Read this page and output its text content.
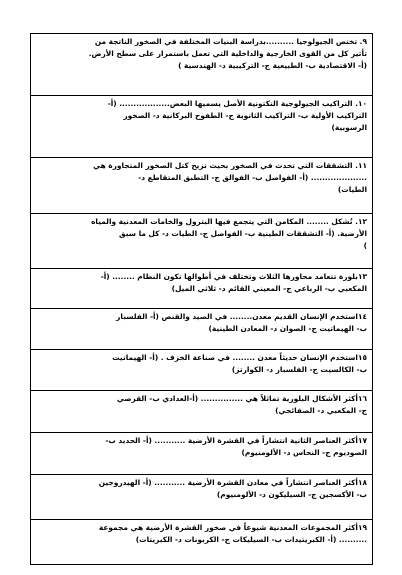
٩. تختص الجيولوجيا ..........بدراسة البنيات المختلفة في الصخور الناتجة من
تأثير كل من القوى الخارجية والداخلية التي تعمل باستمرار على سطح الأرض.
(أ- الاقتصادية ب- الطبيعية ج- التركيبية د- الهندسية )
١٠. التراكيب الجيولوجية التكتونية الأصل يسميها البعض.................. (أ-
التراكيب الأولية ب- التراكيب الثانوية ج- الطفوح البركانية د- الصخور
الرسوبية)
١١. التشققات التي تحدث في الصخور بحيث تزيح كتل الصخور المتجاورة هي
.................... (أ- الفواصل ب- الفوالق ج- التطبق المتقاطع د-
الطيات)
١٢. تُشكل ........ المكامن التي يتجمع فيها البترول والخامات المعدنية والمياه
الأرضية. (أ- التشققات الطينية ب- الفواصل ج- الطيات د- كل ما سبق
)
١٣بلورة تتعامد محاورها الثلاث وتختلف في أطوالها تكون النظام ........ (أ-
المكعبي ب- الرباعي ج- المعيني القائم د- ثلاثي الميل)
١٤استخدم الإنسان القديم معدن........ في الصيد والقنص (أ- الفلسبار
ب- الهيماتيت ج- الصوان د- المعادن الطينية)
١٥استخدم الإنسان حديثاً معدن ........ في صناعة الخزف . (أ- الهيماتيت
ب- الكالسيت ج- الفلسبار د- الكوارتز)
١٦أكثر الأشكال البلورية تماثلاً هي ............... (أ-العدادي ب- القرصي
ج- المكعبي د- الصفائحي)
١٧أكثر العناصر الثانية انتشاراً في القشرة الأرضية ........... (أ- الحديد ب-
الصوديوم ج- النحاس د- الألومنيوم)
١٨أكثر العناصر انتشاراً في معادن القشرة الأرضية ........... (أ- الهيدروجين
ب- الأكسجين ج- السيليكون د- الألومنيوم)
١٩أكثر المجموعات المعدنية شيوعاً في صخور القشرة الأرضية هي مجموعة
.......... (أ- الكبريتيدات ب- السيليكات ج- الكربونات د- الكبريتات)
